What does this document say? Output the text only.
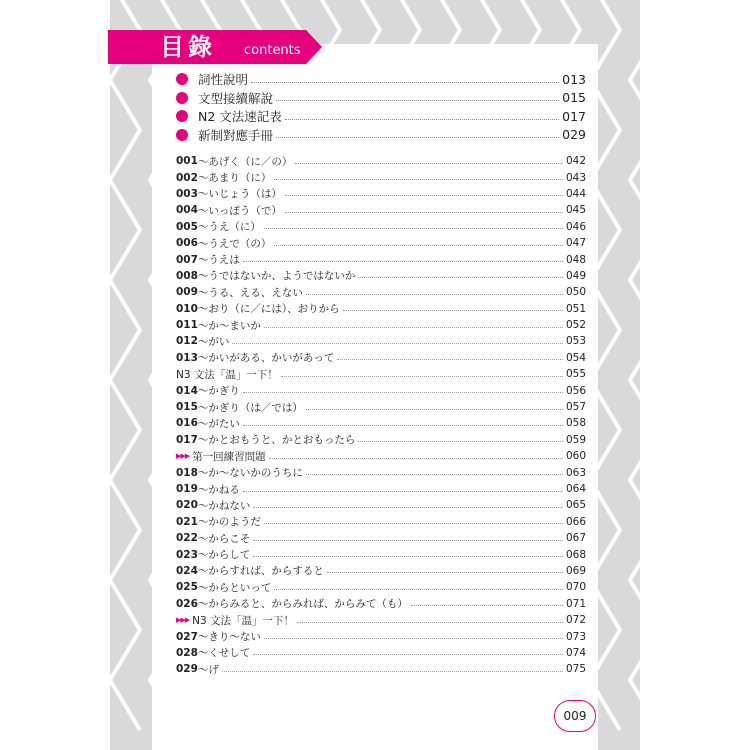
目錄 contents
詞性說明	013
文型接續解說	015
N2 文法速記表	017
新制對應手冊	029
001 ～あげく（に／の）	042
002 ～あまり（に）	043
003 ～いじょう（は）	044
004 ～いっぽう（で）	045
005 ～うえ（に）	046
006 ～うえで（の）	047
007 ～うえは	048
008 ～うではないか、ようではないか	049
009 ～うる、える、えない	050
010 ～おり（に／には）、おりから	051
011 ～か～まいか	052
012 ～がい	053
013 ～かいがある、かいがあって	054
N3 文法「温」一下！	055
014 ～かぎり	056
015 ～かぎり（は／では）	057
016 ～がたい	058
017 ～かとおもうと、かとおもったら	059
▶▶▶ 第一回練習問題	060
018 ～か～ないかのうちに	063
019 ～かねる	064
020 ～かねない	065
021 ～かのようだ	066
022 ～からこそ	067
023 ～からして	068
024 ～からすれば、からすると	069
025 ～からといって	070
026 ～からみると、からみれば、からみて（も）	071
▶▶▶ N3 文法「温」一下！	072
027 ～きり～ない	073
028 ～くせして	074
029 ～げ	075
009
